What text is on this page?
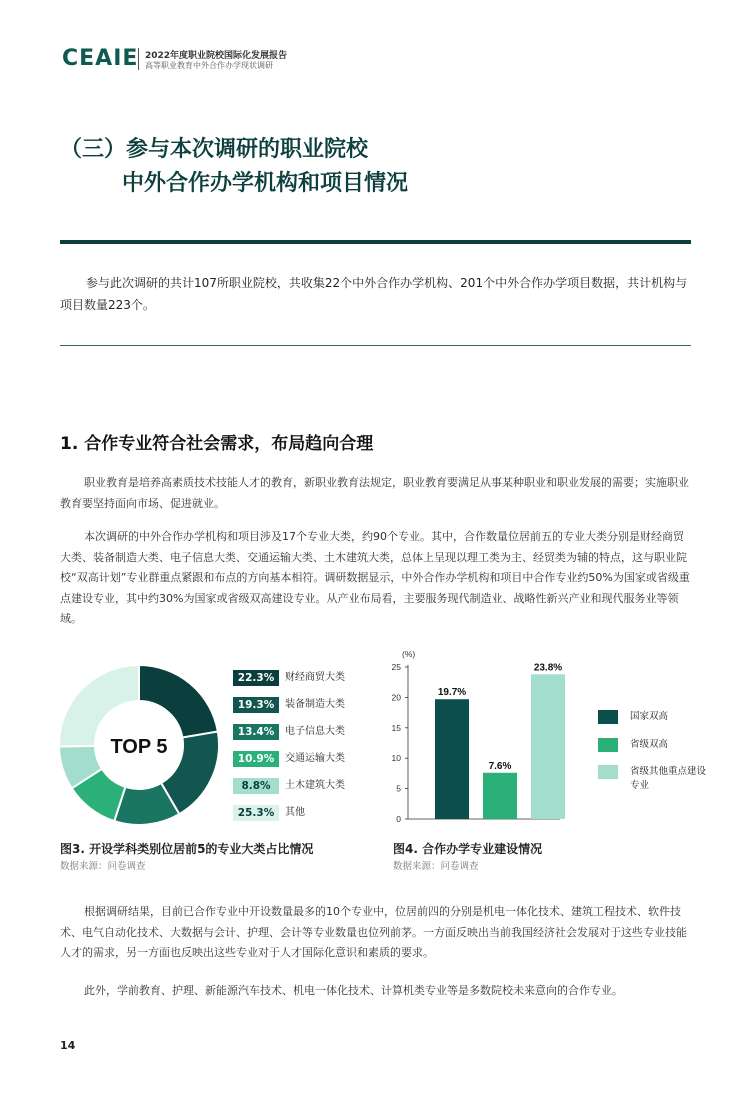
CEAIE 2022年度职业院校国际化发展报告
高等职业教育中外合作办学现状调研
（三）参与本次调研的职业院校
中外合作办学机构和项目情况
参与此次调研的共计107所职业院校，共收集22个中外合作办学机构、201个中外合作办学项目数据，共计机构与项目数量223个。
1. 合作专业符合社会需求，布局趋向合理
职业教育是培养高素质技术技能人才的教育，新职业教育法规定，职业教育要满足从事某种职业和职业发展的需要；实施职业教育要坚持面向市场、促进就业。
本次调研的中外合作办学机构和项目涉及17个专业大类，约90个专业。其中，合作数量位居前五的专业大类分别是财经商贸大类、装备制造大类、电子信息大类、交通运输大类、土木建筑大类，总体上呈现以理工类为主、经贸类为辅的特点，这与职业院校“双高计划”专业群重点紧跟和布点的方向基本相符。调研数据显示，中外合作办学机构和项目中合作专业约50%为国家或省级重点建设专业，其中约30%为国家或省级双高建设专业。从产业布局看，主要服务现代制造业、战略性新兴产业和现代服务业等领域。
TOP 5
22.3%	财经商贸大类
19.3%	装备制造大类
13.4%	电子信息大类
10.9%	交通运输大类
8.8%	土木建筑大类
25.3%	其他
图3. 开设学科类别位居前5的专业大类占比情况
数据来源：问卷调查
(%)
0
5
10
15
20
25
19.7%
7.6%
23.8%
国家双高
省级双高
省级其他重点建设专业
图4. 合作办学专业建设情况
数据来源：问卷调查
根据调研结果，目前已合作专业中开设数量最多的10个专业中，位居前四的分别是机电一体化技术、建筑工程技术、软件技术、电气自动化技术、大数据与会计、护理、会计等专业数量也位列前茅。一方面反映出当前我国经济社会发展对于这些专业技能人才的需求，另一方面也反映出这些专业对于人才国际化意识和素质的要求。
此外，学前教育、护理、新能源汽车技术、机电一体化技术、计算机类专业等是多数院校未来意向的合作专业。
14
